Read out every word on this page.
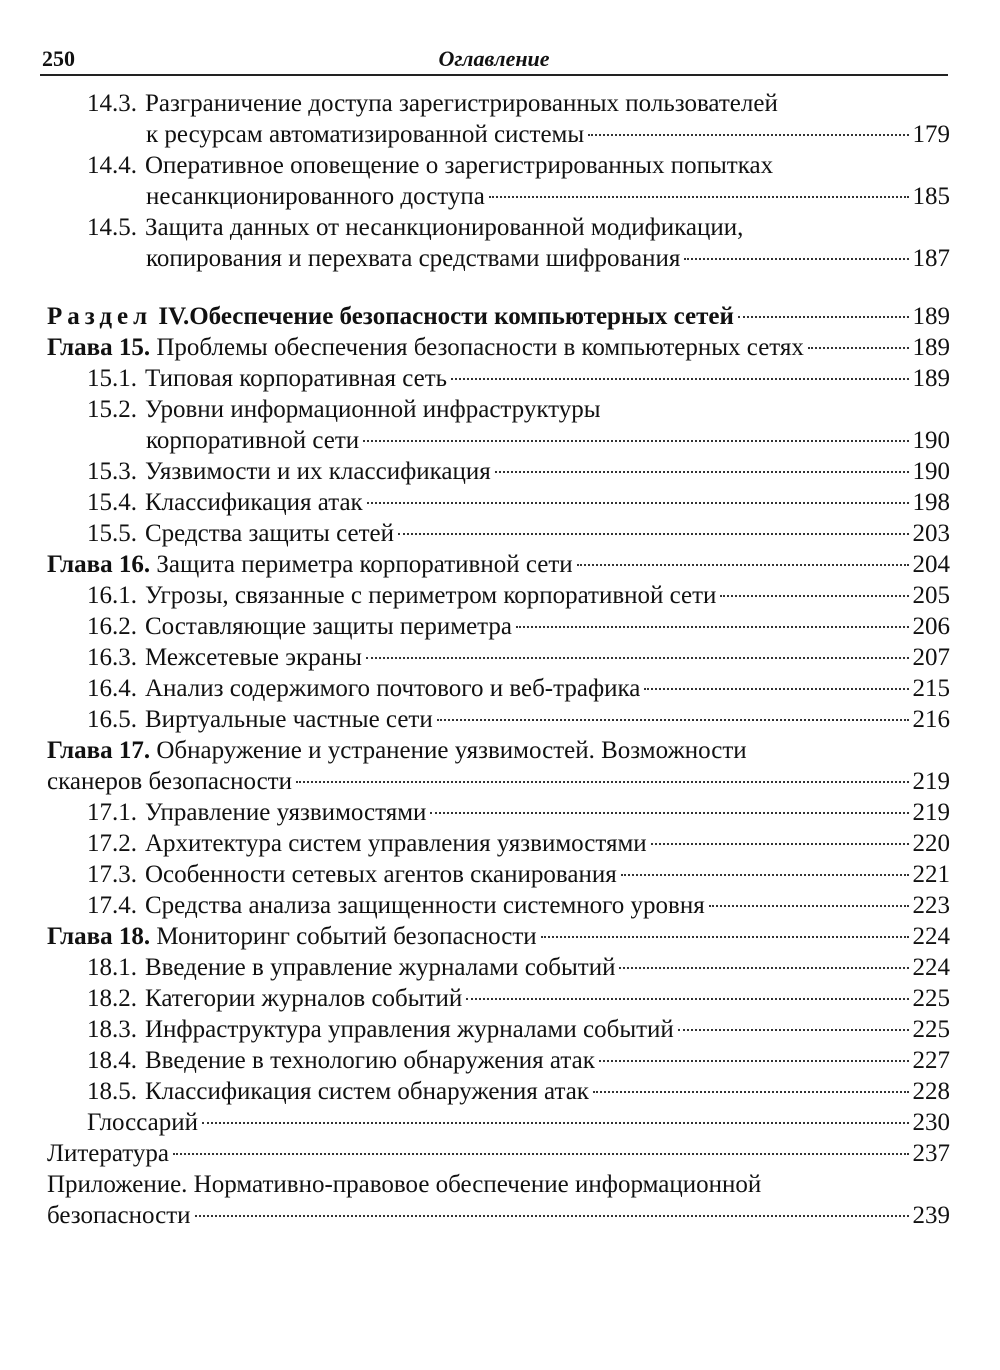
250	Оглавление
14.3. Разграничение доступа зарегистрированных пользователей
к ресурсам автоматизированной системы	179
14.4. Оперативное оповещение о зарегистрированных попытках
несанкционированного доступа	185
14.5. Защита данных от несанкционированной модификации,
копирования и перехвата средствами шифрования	187
Раздел IV.Обеспечение безопасности компьютерных сетей	189
Глава 15. Проблемы обеспечения безопасности в компьютерных сетях	189
15.1. Типовая корпоративная сеть	189
15.2. Уровни информационной инфраструктуры
корпоративной сети	190
15.3. Уязвимости и их классификация	190
15.4. Классификация атак	198
15.5. Средства защиты сетей	203
Глава 16. Защита периметра корпоративной сети	204
16.1. Угрозы, связанные с периметром корпоративной сети	205
16.2. Составляющие защиты периметра	206
16.3. Межсетевые экраны	207
16.4. Анализ содержимого почтового и веб-трафика	215
16.5. Виртуальные частные сети	216
Глава 17. Обнаружение и устранение уязвимостей. Возможности
сканеров безопасности	219
17.1. Управление уязвимостями	219
17.2. Архитектура систем управления уязвимостями	220
17.3. Особенности сетевых агентов сканирования	221
17.4. Средства анализа защищенности системного уровня	223
Глава 18. Мониторинг событий безопасности	224
18.1. Введение в управление журналами событий	224
18.2. Категории журналов событий	225
18.3. Инфраструктура управления журналами событий	225
18.4. Введение в технологию обнаружения атак	227
18.5. Классификация систем обнаружения атак	228
Глоссарий	230
Литература	237
Приложение. Нормативно-правовое обеспечение информационной
безопасности	239
